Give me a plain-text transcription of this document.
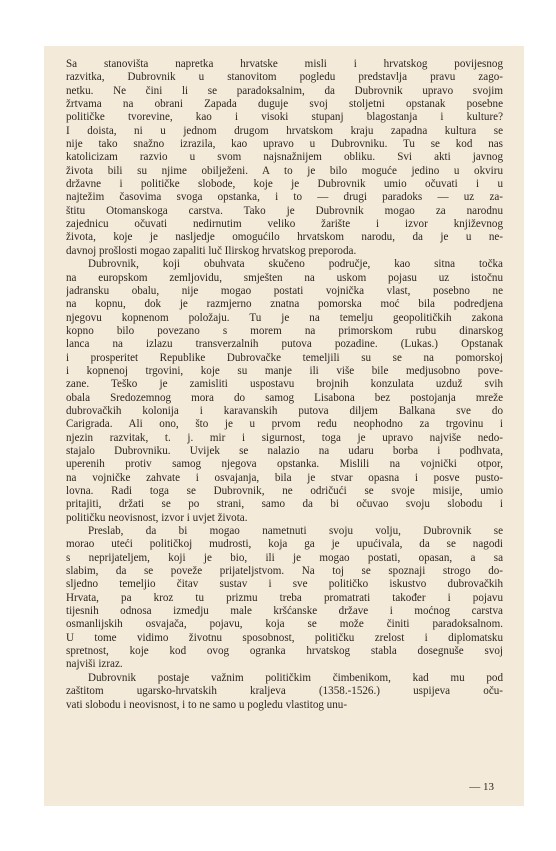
Sa stanovišta napretka hrvatske misli i hrvatskog povijesnog
razvitka, Dubrovnik u stanovitom pogledu predstavlja pravu zago-
netku. Ne čini li se paradoksalnim, da Dubrovnik upravo svojim
žrtvama na obrani Zapada duguje svoj stoljetni opstanak posebne
političke tvorevine, kao i visoki stupanj blagostanja i kulture?
I doista, ni u jednom drugom hrvatskom kraju zapadna kultura se
nije tako snažno izrazila, kao upravo u Dubrovniku. Tu se kod nas
katolicizam razvio u svom najsnažnijem obliku. Svi akti javnog
života bili su njime obilježeni. A to je bilo moguće jedino u okviru
državne i političke slobode, koje je Dubrovnik umio očuvati i u
najtežim časovima svoga opstanka, i to — drugi paradoks — uz za-
štitu Otomanskoga carstva. Tako je Dubrovnik mogao za narodnu
zajednicu očuvati nedirnutim veliko žarište i izvor književnog
života, koje je nasljedje omogućilo hrvatskom narodu, da je u ne-
davnoj prošlosti mogao zapaliti luč Ilirskog hrvatskog preporoda.

Dubrovnik, koji obuhvata skučeno područje, kao sitna točka
na europskom zemljovidu, smješten na uskom pojasu uz istočnu
jadransku obalu, nije mogao postati vojnička vlast, posebno ne
na kopnu, dok je razmjerno znatna pomorska moć bila podredjena
njegovu kopnenom položaju. Tu je na temelju geopolitičkih zakona
kopno bilo povezano s morem na primorskom rubu dinarskog
lanca na izlazu transverzalnih putova pozadine. (Lukas.) Opstanak
i prosperitet Republike Dubrovačke temeljili su se na pomorskoj
i kopnenoj trgovini, koje su manje ili više bile medjusobno pove-
zane. Teško je zamisliti uspostavu brojnih konzulata uzduž svih
obala Sredozemnog mora do samog Lisabona bez postojanja mreže
dubrovačkih kolonija i karavanskih putova diljem Balkana sve do
Carigrada. Ali ono, što je u prvom redu neophodno za trgovinu i
njezin razvitak, t. j. mir i sigurnost, toga je upravo najviše nedo-
stajalo Dubrovniku. Uvijek se nalazio na udaru borba i podhvata,
uperenih protiv samog njegova opstanka. Mislili na vojnički otpor,
na vojničke zahvate i osvajanja, bila je stvar opasna i posve pusto-
lovna. Radi toga se Dubrovnik, ne odričući se svoje misije, umio
pritajiti, držati se po strani, samo da bi očuvao svoju slobodu i
političku neovisnost, izvor i uvjet života.

Preslab, da bi mogao nametnuti svoju volju, Dubrovnik se
morao uteći političkoj mudrosti, koja ga je upućivala, da se nagodi
s neprijateljem, koji je bio, ili je mogao postati, opasan, a sa
slabim, da se poveže prijateljstvom. Na toj se spoznaji strogo do-
sljedno temeljio čitav sustav i sve političko iskustvo dubrovačkih
Hrvata, pa kroz tu prizmu treba promatrati također i pojavu
tijesnih odnosa izmedju male kršćanske države i moćnog carstva
osmanlijskih osvajača, pojavu, koja se može činiti paradoksalnom.
U tome vidimo životnu sposobnost, političku zrelost i diplomatsku
spretnost, koje kod ovog ogranka hrvatskog stabla dosegnuše svoj
najviši izraz.

Dubrovnik postaje važnim političkim čimbenikom, kad mu pod
zaštitom ugarsko-hrvatskih kraljeva (1358.-1526.) uspijeva oču-
vati slobodu i neovisnost, i to ne samo u pogledu vlastitog unu-

— 13
